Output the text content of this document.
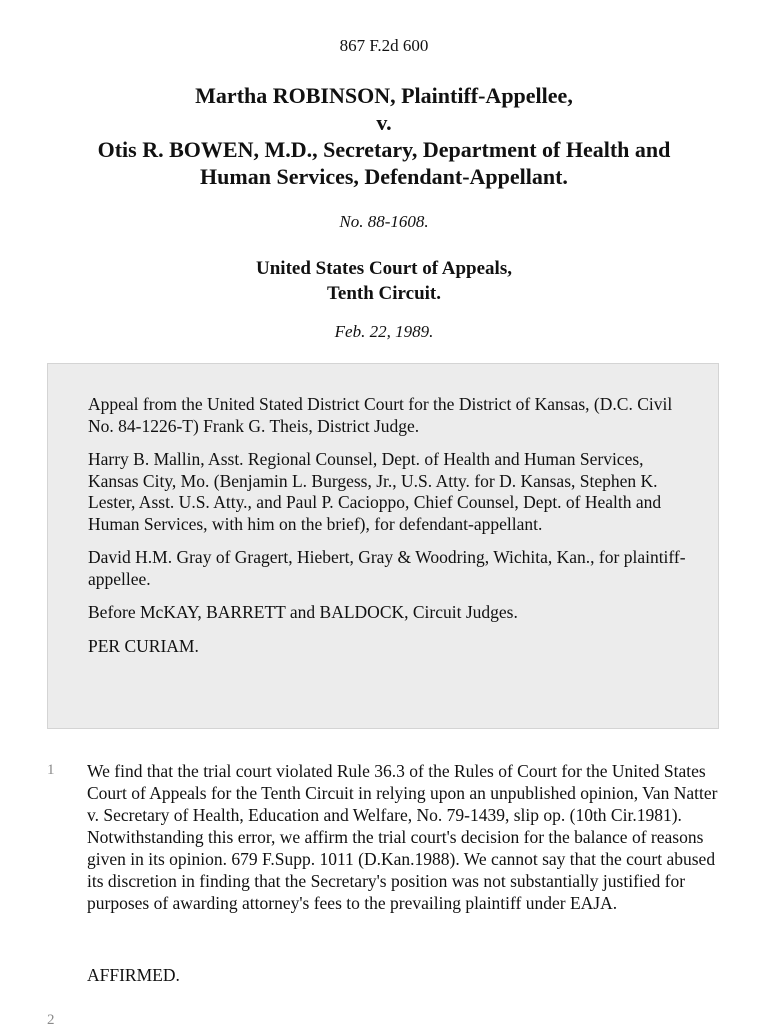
867 F.2d 600
Martha ROBINSON, Plaintiff-Appellee,
v.
Otis R. BOWEN, M.D., Secretary, Department of Health and
Human Services, Defendant-Appellant.
No. 88-1608.
United States Court of Appeals,
Tenth Circuit.
Feb. 22, 1989.

Appeal from the United Stated District Court for the District of Kansas, (D.C. Civil No. 84-1226-T) Frank G. Theis, District Judge.

Harry B. Mallin, Asst. Regional Counsel, Dept. of Health and Human Services, Kansas City, Mo. (Benjamin L. Burgess, Jr., U.S. Atty. for D. Kansas, Stephen K. Lester, Asst. U.S. Atty., and Paul P. Cacioppo, Chief Counsel, Dept. of Health and Human Services, with him on the brief), for defendant-appellant.

David H.M. Gray of Gragert, Hiebert, Gray & Woodring, Wichita, Kan., for plaintiff-appellee.

Before McKAY, BARRETT and BALDOCK, Circuit Judges.

PER CURIAM.

1 We find that the trial court violated Rule 36.3 of the Rules of Court for the United States Court of Appeals for the Tenth Circuit in relying upon an unpublished opinion, Van Natter v. Secretary of Health, Education and Welfare, No. 79-1439, slip op. (10th Cir.1981). Notwithstanding this error, we affirm the trial court's decision for the balance of reasons given in its opinion. 679 F.Supp. 1011 (D.Kan.1988). We cannot say that the court abused its discretion in finding that the Secretary's position was not substantially justified for purposes of awarding attorney's fees to the prevailing plaintiff under EAJA.

AFFIRMED.
2
